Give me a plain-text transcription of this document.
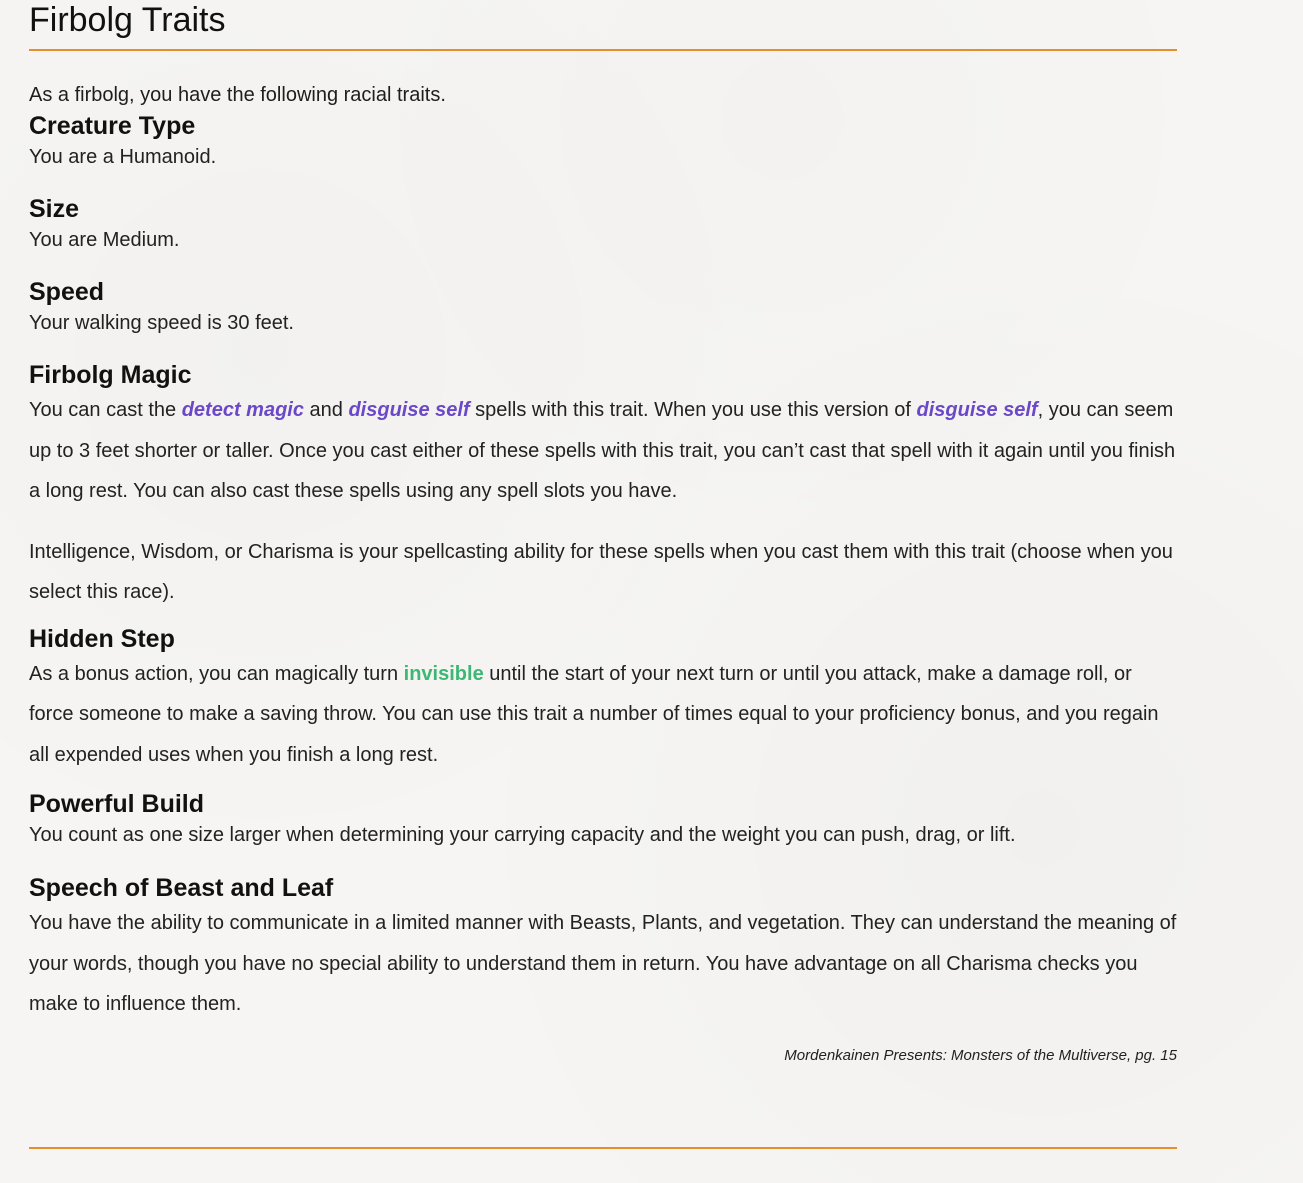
Firbolg Traits

As a firbolg, you have the following racial traits.

Creature Type

You are a Humanoid.

Size

You are Medium.

Speed

Your walking speed is 30 feet.

Firbolg Magic

You can cast the detect magic and disguise self spells with this trait. When you use this version of disguise self, you can seem up to 3 feet shorter or taller. Once you cast either of these spells with this trait, you can’t cast that spell with it again until you finish a long rest. You can also cast these spells using any spell slots you have.

Intelligence, Wisdom, or Charisma is your spellcasting ability for these spells when you cast them with this trait (choose when you select this race).

Hidden Step

As a bonus action, you can magically turn invisible until the start of your next turn or until you attack, make a damage roll, or force someone to make a saving throw. You can use this trait a number of times equal to your proficiency bonus, and you regain all expended uses when you finish a long rest.

Powerful Build

You count as one size larger when determining your carrying capacity and the weight you can push, drag, or lift.

Speech of Beast and Leaf

You have the ability to communicate in a limited manner with Beasts, Plants, and vegetation. They can understand the meaning of your words, though you have no special ability to understand them in return. You have advantage on all Charisma checks you make to influence them.

Mordenkainen Presents: Monsters of the Multiverse, pg. 15
